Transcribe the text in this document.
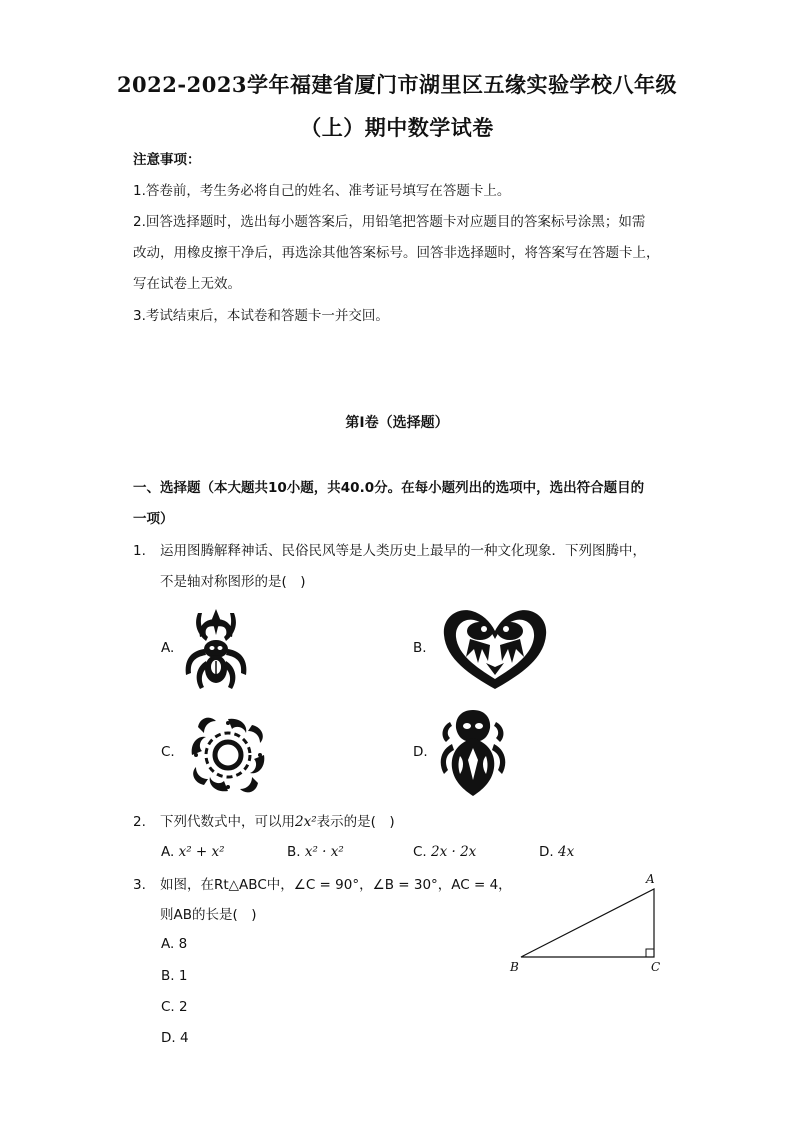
2022-2023学年福建省厦门市湖里区五缘实验学校八年级
（上）期中数学试卷
注意事项：
1.答卷前，考生务必将自己的姓名、准考证号填写在答题卡上。
2.回答选择题时，选出每小题答案后，用铅笔把答题卡对应题目的答案标号涂黑；如需
改动，用橡皮擦干净后，再选涂其他答案标号。回答非选择题时，将答案写在答题卡上，
写在试卷上无效。
3.考试结束后，本试卷和答题卡一并交回。
第I卷（选择题）
一、选择题（本大题共10小题，共40.0分。在每小题列出的选项中，选出符合题目的
一项）
1. 运用图腾解释神话、民俗民风等是人类历史上最早的一种文化现象．下列图腾中，
不是轴对称图形的是(　)
A.	B.
C.	D.
2. 下列代数式中，可以用2x²表示的是(　)
A. x² + x²	B. x² · x²	C. 2x · 2x	D. 4x
3. 如图，在Rt△ABC中，∠C = 90°，∠B = 30°，AC = 4，
则AB的长是(　)
A. 8
B. 1
C. 2
D. 4
A
B	C
